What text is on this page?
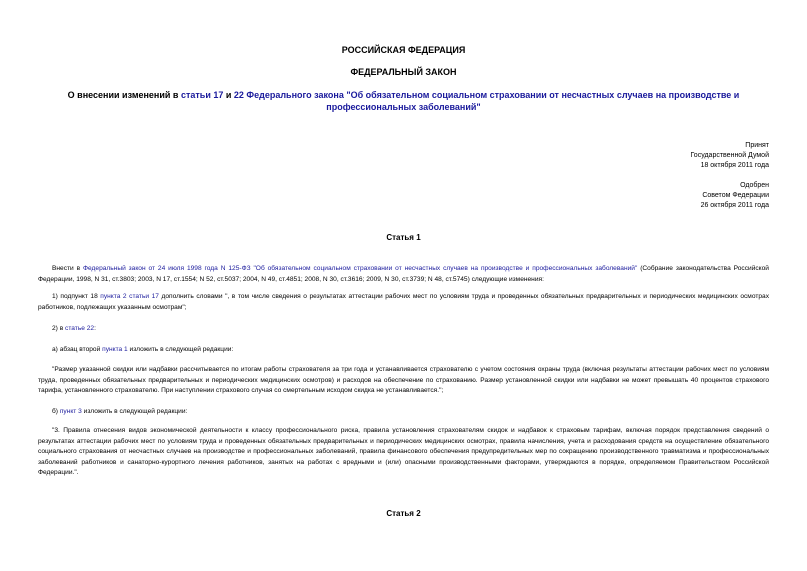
РОССИЙСКАЯ ФЕДЕРАЦИЯ
ФЕДЕРАЛЬНЫЙ ЗАКОН
О внесении изменений в статьи 17 и 22 Федерального закона "Об обязательном социальном страховании от несчастных случаев на производстве и профессиональных заболеваний"
Принят
Государственной Думой
18 октября 2011 года
Одобрен
Советом Федерации
26 октября 2011 года
Статья 1
Внести в Федеральный закон от 24 июля 1998 года N 125-ФЗ "Об обязательном социальном страховании от несчастных случаев на производстве и профессиональных заболеваний" (Собрание законодательства Российской Федерации, 1998, N 31, ст.3803; 2003, N 17, ст.1554; N 52, ст.5037; 2004, N 49, ст.4851; 2008, N 30, ст.3616; 2009, N 30, ст.3739; N 48, ст.5745) следующие изменения:
1) подпункт 18 пункта 2 статьи 17 дополнить словами ", в том числе сведения о результатах аттестации рабочих мест по условиям труда и проведенных обязательных предварительных и периодических медицинских осмотрах работников, подлежащих указанным осмотрам";
2) в статье 22:
а) абзац второй пункта 1 изложить в следующей редакции:
"Размер указанной скидки или надбавки рассчитывается по итогам работы страхователя за три года и устанавливается страхователю с учетом состояния охраны труда (включая результаты аттестации рабочих мест по условиям труда, проведенных обязательных предварительных и периодических медицинских осмотров) и расходов на обеспечение по страхованию. Размер установленной скидки или надбавки не может превышать 40 процентов страхового тарифа, установленного страхователю. При наступлении страхового случая со смертельным исходом скидка не устанавливается.";
б) пункт 3 изложить в следующей редакции:
"3. Правила отнесения видов экономической деятельности к классу профессионального риска, правила установления страхователям скидок и надбавок к страховым тарифам, включая порядок представления сведений о результатах аттестации рабочих мест по условиям труда и проведенных обязательных предварительных и периодических медицинских осмотрах, правила начисления, учета и расходования средств на осуществление обязательного социального страхования от несчастных случаев на производстве и профессиональных заболеваний, правила финансового обеспечения предупредительных мер по сокращению производственного травматизма и профессиональных заболеваний работников и санаторно-курортного лечения работников, занятых на работах с вредными и (или) опасными производственными факторами, утверждаются в порядке, определяемом Правительством Российской Федерации.".
Статья 2
